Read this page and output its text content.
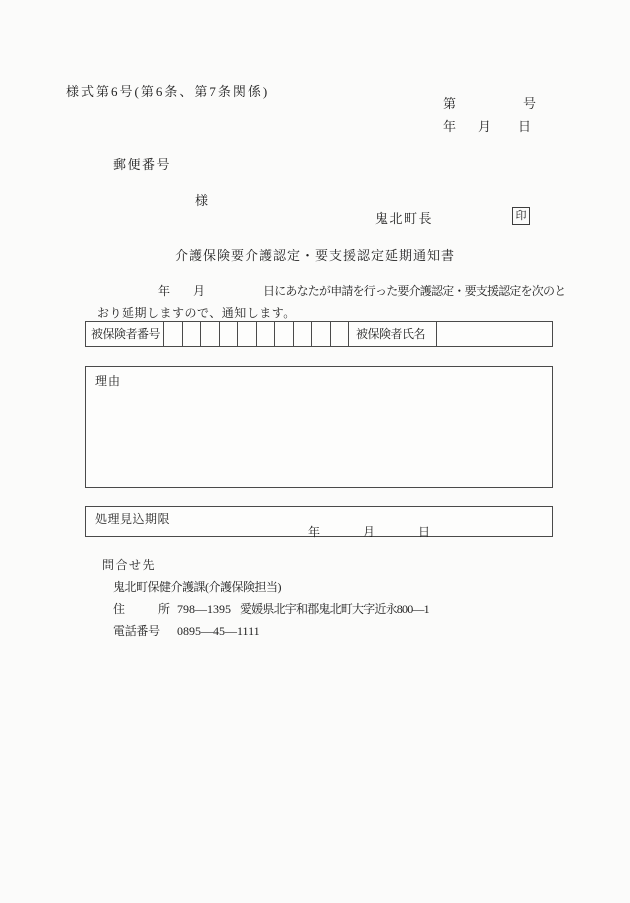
様式第6号(第6条、第7条関係)
第	号
年 月 日
郵便番号
様
鬼北町長	印
介護保険要介護認定・要支援認定延期通知書
年 月	日にあなたが申請を行った要介護認定・要支援認定を次のと
おり延期しますので、通知します。
被保険者番号	被保険者氏名
理由
処理見込期限
年	月	日
問合せ先
鬼北町保健介護課(介護保険担当)
住	所 798―1395 愛媛県北宇和郡鬼北町大字近永800―1
電話番号 0895―45―1111
